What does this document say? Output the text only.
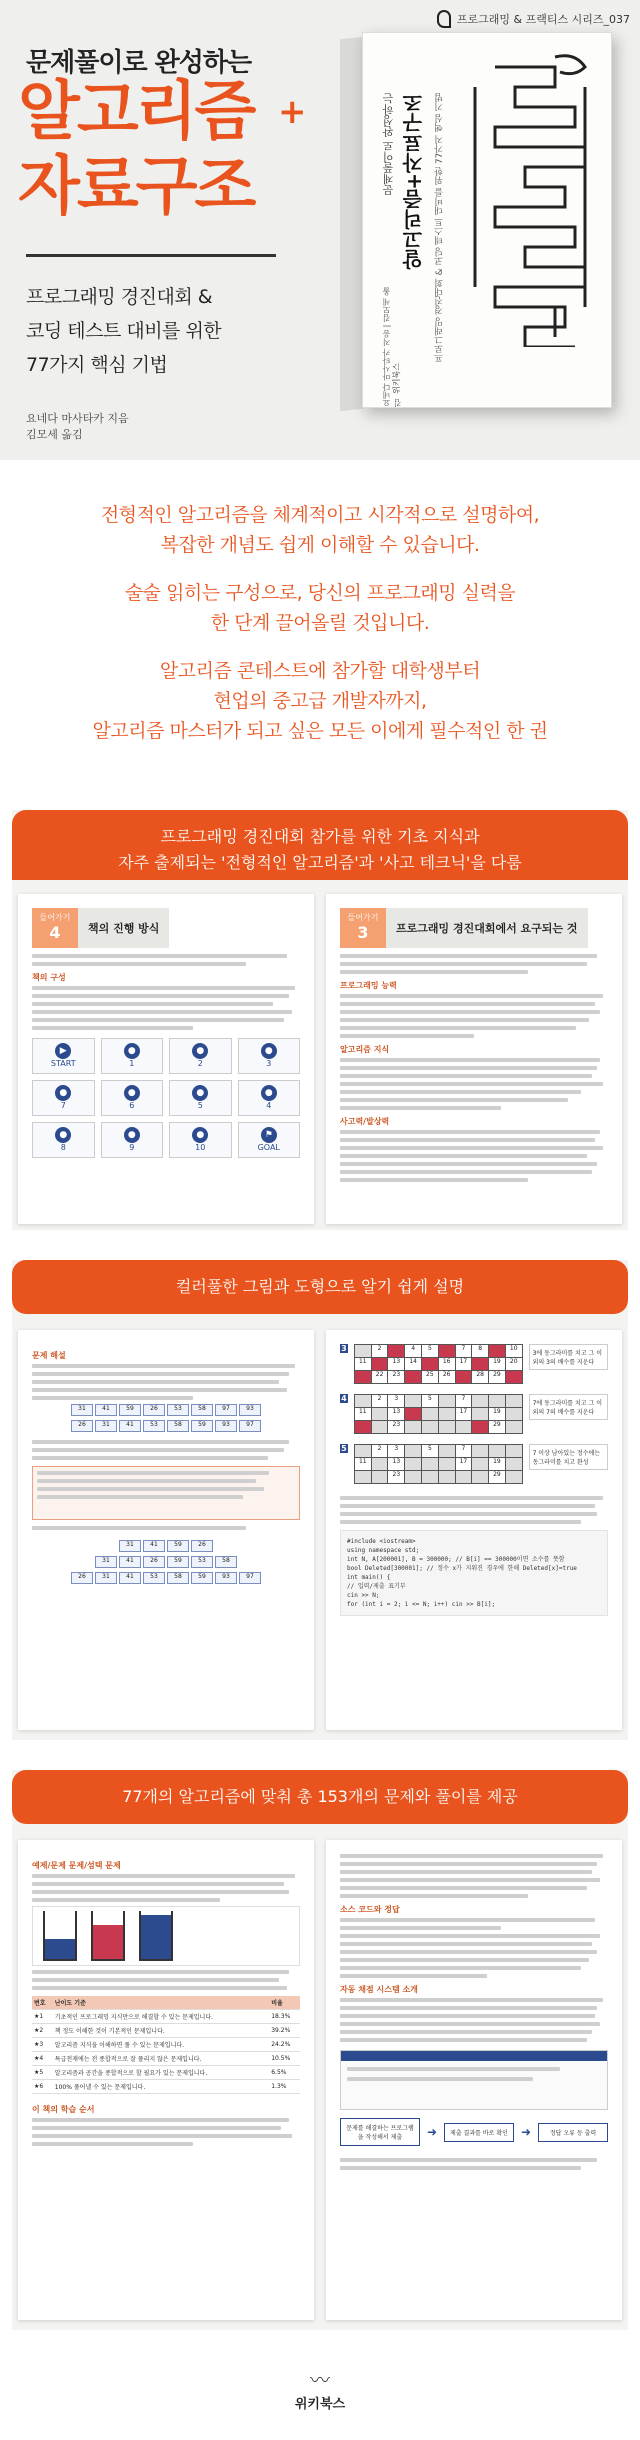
프로그래밍 & 프랙티스 시리즈_037
문제풀이로 완성하는
알고리즘 +
자료구조
프로그래밍 경진대회 &
코딩 테스트 대비를 위한
77가지 핵심 기법
요네다 마사타카 지음
김모세 옮김
문제풀이로 완성하는 알고리즘+자료구조 프로그래밍 경진대회 & 코딩 테스트 대비를 위한 77가지 핵심 기법
요네다 마사타카 지음 | 김모세 옮김
위키북스

전형적인 알고리즘을 체계적이고 시각적으로 설명하여,

복잡한 개념도 쉽게 이해할 수 있습니다.

술술 읽히는 구성으로, 당신의 프로그래밍 실력을

한 단계 끌어올릴 것입니다.

알고리즘 콘테스트에 참가할 대학생부터

현업의 중고급 개발자까지,

알고리즘 마스터가 되고 싶은 모든 이에게 필수적인 한 권

프로그래밍 경진대회 참가를 위한 기초 지식과
자주 출제되는 '전형적인 알고리즘'과 '사고 테크닉'을 다룸
들어가기
4	책의 진행 방식
책의 구성
▶
START
●
1
●
2
●
3
●
7
●
6
●
5
●
4
●
8
●
9
●
10
⚑
GOAL
들어가기
3	프로그래밍 경진대회에서 요구되는 것
프로그래밍 능력
알고리즘 지식
사고력/발상력
컬러풀한 그림과 도형으로 알기 쉽게 설명
문제 해설
31	41	59	26	53	58	97	93
26	31	41	53	58	59	93	97
31	41	59	26
31	41	26	59	53	58
26	31	41	53	58	59	93	97
3	2	4	5	7	8	10
11	13	14	16	17	19	20
22	23	25	26	28	29
3에 동그라미를 치고 그 이외의 3의 배수를 지운다
4	2	3	5	7
11	13	17	19
23	29
7에 동그라미를 치고 그 이외의 7의 배수를 지운다
5	2	3	5	7
11	13	17	19
23	29
7 이상 남아있는 정수에는 동그라미를 치고 완성
#include <iostream>
using namespace std;
int N, A[200001], B = 300000; // B[i] == 300000이면 소수를 뜻함
bool Deleted[300001]; // 정수 x가 지워진 경우에 한해 Deleted[x]=true
int main() {
// 입력/제출 표기부
cin >> N;
for (int i = 2; i <= N; i++) cin >> B[i];
77개의 알고리즘에 맞춰 총 153개의 문제와 풀이를 제공
예제/문제 문제/섬택 문제
번호	난이도 기준	비율
★1	기초적인 프로그래밍 지식만으로 해결할 수 있는 문제입니다.	18.3%
★2	책 정도 이해한 것이 기본적인 문제입니다.	39.2%
★3	알고리즘 지식을 이해하면 풀 수 있는 문제입니다.	24.2%
★4	특급천재에는 전 종합적으로 잘 풀리지 않은 문제입니다.	10.5%
★5	알고리즘과 공간을 종합적으로 할 필요가 있는 문제입니다.	6.5%
★6	100% 풀어낼 수 있는 문제입니다.	1.3%
이 책의 학습 순서
소스 코드와 정답
자동 채점 시스템 소개
문제를 해결하는 프로그램을 작성해서 제출	➜	제출 결과를 바로 확인	➜	정답 오류 등 출력
〰
위키북스
